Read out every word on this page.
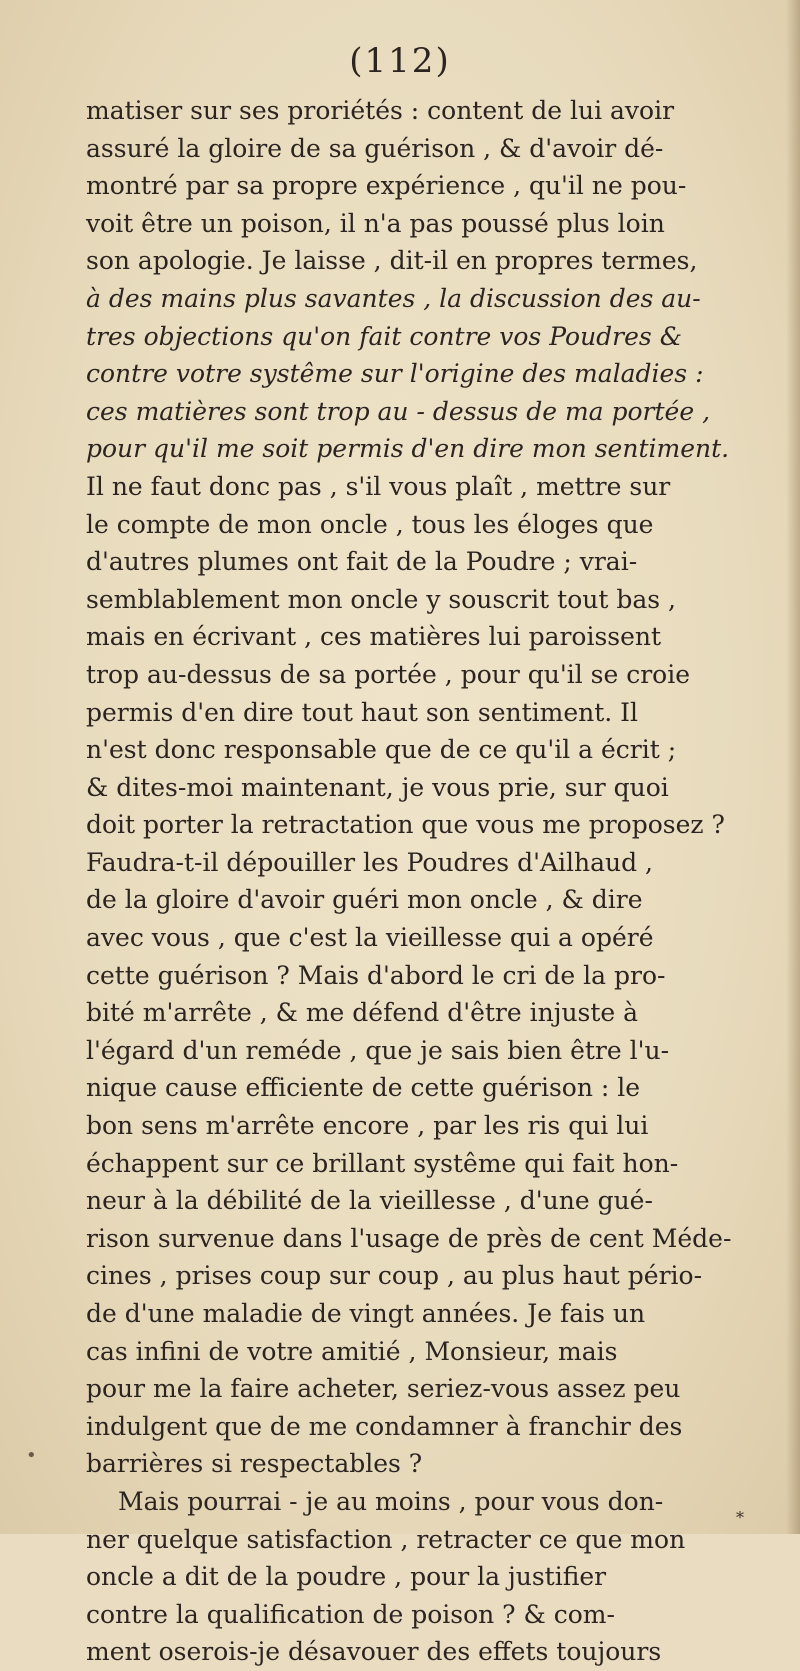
(112)
matiser sur ses proriétés : content de lui avoir
assuré la gloire de sa guérison , & d'avoir dé-
montré par sa propre expérience , qu'il ne pou-
voit être un poison, il n'a pas poussé plus loin
son apologie. Je laisse , dit-il en propres termes,
à des mains plus savantes , la discussion des au-
tres objections qu'on fait contre vos Poudres &
contre votre systême sur l'origine des maladies :
ces matières sont trop au - dessus de ma portée ,
pour qu'il me soit permis d'en dire mon sentiment.
Il ne faut donc pas , s'il vous plaît , mettre sur
le compte de mon oncle , tous les éloges que
d'autres plumes ont fait de la Poudre ; vrai-
semblablement mon oncle y souscrit tout bas ,
mais en écrivant , ces matières lui paroissent
trop au-dessus de sa portée , pour qu'il se croie
permis d'en dire tout haut son sentiment. Il
n'est donc responsable que de ce qu'il a écrit ;
& dites-moi maintenant, je vous prie, sur quoi
doit porter la retractation que vous me proposez ?
Faudra-t-il dépouiller les Poudres d'Ailhaud ,
de la gloire d'avoir guéri mon oncle , & dire
avec vous , que c'est la vieillesse qui a opéré
cette guérison ? Mais d'abord le cri de la pro-
bité m'arrête , & me défend d'être injuste à
l'égard d'un reméde , que je sais bien être l'u-
nique cause efficiente de cette guérison : le
bon sens m'arrête encore , par les ris qui lui
échappent sur ce brillant systême qui fait hon-
neur à la débilité de la vieillesse , d'une gué-
rison survenue dans l'usage de près de cent Méde-
cines , prises coup sur coup , au plus haut pério-
de d'une maladie de vingt années. Je fais un
cas infini de votre amitié , Monsieur, mais
pour me la faire acheter, seriez-vous assez peu
indulgent que de me condamner à franchir des
barrières si respectables ?
Mais pourrai - je au moins , pour vous don-
ner quelque satisfaction , retracter ce que mon
oncle a dit de la poudre , pour la justifier
contre la qualification de poison ? & com-
ment oserois-je désavouer des effets toujours
•
*
